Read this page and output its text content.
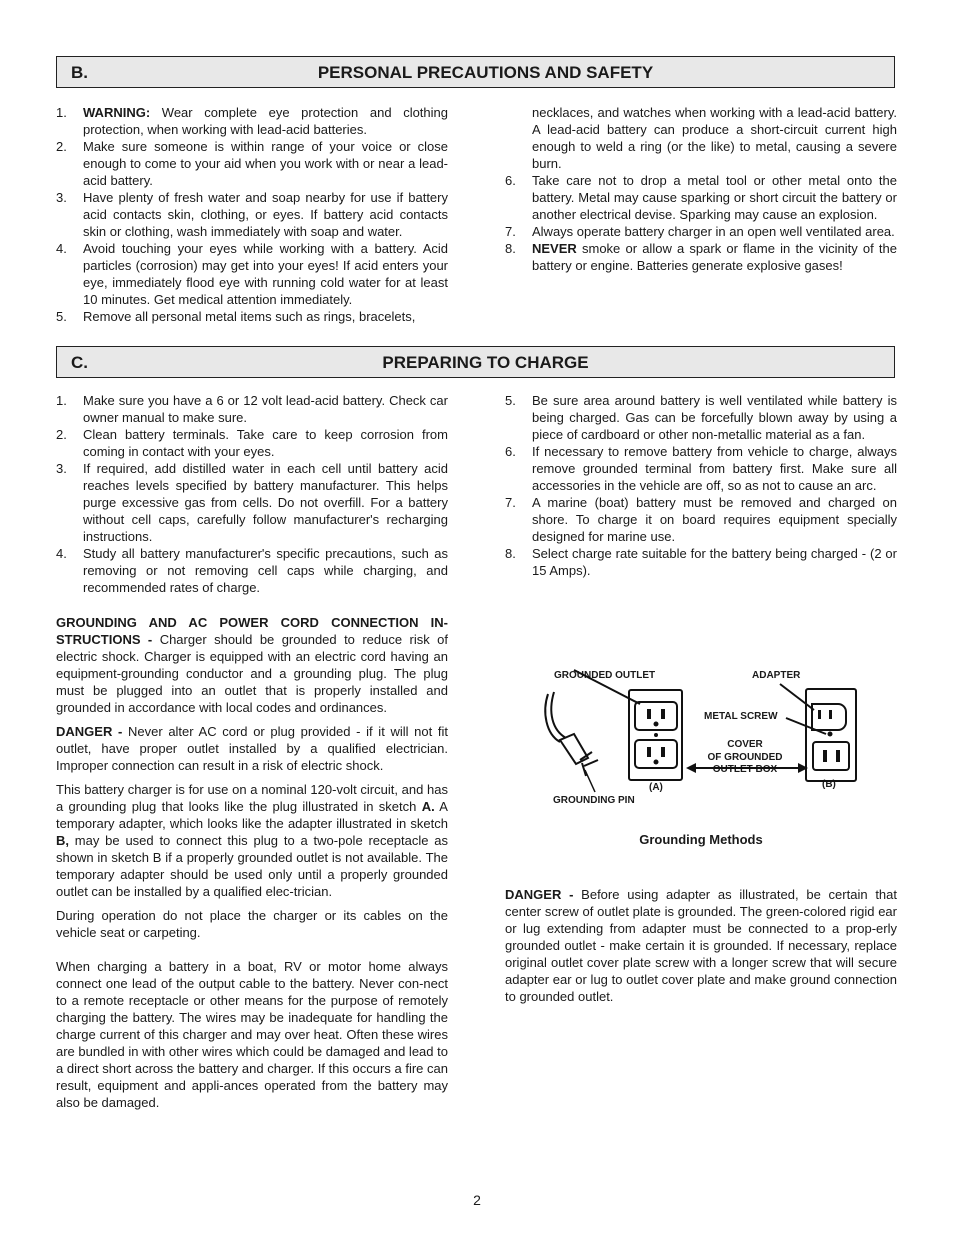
B.	PERSONAL PRECAUTIONS AND SAFETY
1. WARNING: Wear complete eye protection and clothing protection, when working with lead-acid batteries.
2. Make sure someone is within range of your voice or close enough to come to your aid when you work with or near a lead-acid battery.
3. Have plenty of fresh water and soap nearby for use if battery acid contacts skin, clothing, or eyes. If battery acid contacts skin or clothing, wash immediately with soap and water.
4. Avoid touching your eyes while working with a battery. Acid particles (corrosion) may get into your eyes! If acid enters your eye, immediately flood eye with running cold water for at least 10 minutes. Get medical attention immediately.
5. Remove all personal metal items such as rings, bracelets,
necklaces, and watches when working with a lead-acid battery. A lead-acid battery can produce a short-circuit current high enough to weld a ring (or the like) to metal, causing a severe burn.
6. Take care not to drop a metal tool or other metal onto the battery. Metal may cause sparking or short circuit the battery or another electrical devise. Sparking may cause an explosion.
7. Always operate battery charger in an open well ventilated area.
8. NEVER smoke or allow a spark or flame in the vicinity of the battery or engine. Batteries generate explosive gases!
C.	PREPARING TO CHARGE
1. Make sure you have a 6 or 12 volt lead-acid battery. Check car owner manual to make sure.
2. Clean battery terminals. Take care to keep corrosion from coming in contact with your eyes.
3. If required, add distilled water in each cell until battery acid reaches levels specified by battery manufacturer. This helps purge excessive gas from cells. Do not overfill. For a battery without cell caps, carefully follow manufacturer's recharging instructions.
4. Study all battery manufacturer's specific precautions, such as removing or not removing cell caps while charging, and recommended rates of charge.

GROUNDING AND AC POWER CORD CONNECTION IN-STRUCTIONS - Charger should be grounded to reduce risk of electric shock. Charger is equipped with an electric cord having an equipment-grounding conductor and a grounding plug. The plug must be plugged into an outlet that is properly installed and grounded in accordance with local codes and ordinances.

DANGER - Never alter AC cord or plug provided - if it will not fit outlet, have proper outlet installed by a qualified electrician. Improper connection can result in a risk of electric shock.

This battery charger is for use on a nominal 120-volt circuit, and has a grounding plug that looks like the plug illustrated in sketch A. A temporary adapter, which looks like the adapter illustrated in sketch B, may be used to connect this plug to a two-pole receptacle as shown in sketch B if a properly grounded outlet is not available. The temporary adapter should be used only until a properly grounded outlet can be installed by a qualified elec-trician.

During operation do not place the charger or its cables on the vehicle seat or carpeting.

When charging a battery in a boat, RV or motor home always connect one lead of the output cable to the battery. Never con-nect to a remote receptacle or other means for the purpose of remotely charging the battery. The wires may be inadequate for handling the charge current of this charger and may over heat. Often these wires are bundled in with other wires which could be damaged and lead to a direct short across the battery and charger. If this occurs a fire can result, equipment and appli-ances operated from the battery may also be damaged.

5. Be sure area around battery is well ventilated while battery is being charged. Gas can be forcefully blown away by using a piece of cardboard or other non-metallic material as a fan.
6. If necessary to remove battery from vehicle to charge, always remove grounded terminal from battery first. Make sure all accessories in the vehicle are off, so as not to cause an arc.
7. A marine (boat) battery must be removed and charged on shore. To charge it on board requires equipment specially designed for marine use.
8. Select charge rate suitable for the battery being charged - (2 or 15 Amps).
GROUNDED OUTLET	ADAPTER
METAL SCREW
COVER
OF GROUNDED
OUTLET BOX
GROUNDING PIN
(A)	(B)
Grounding Methods

DANGER - Before using adapter as illustrated, be certain that center screw of outlet plate is grounded. The green-colored rigid ear or lug extending from adapter must be connected to a prop-erly grounded outlet - make certain it is grounded. If necessary, replace original outlet cover plate screw with a longer screw that will secure adapter ear or lug to outlet cover plate and make ground connection to grounded outlet.

2
